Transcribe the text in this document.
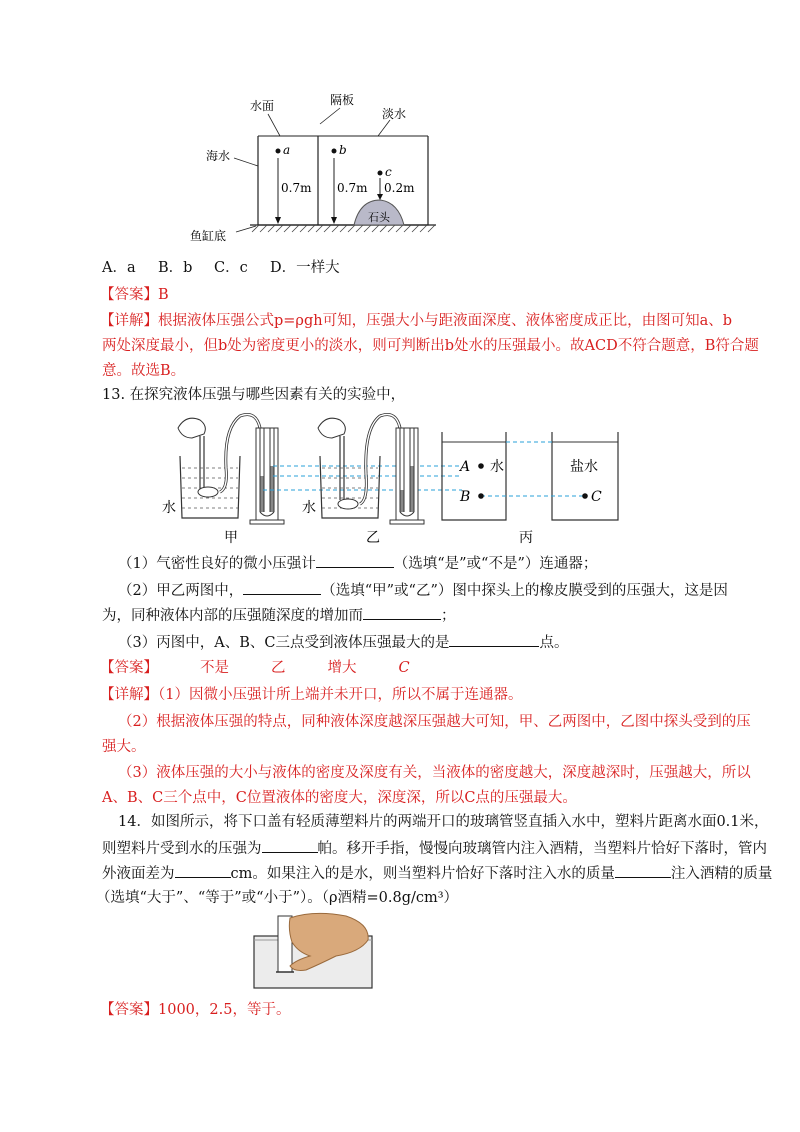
水面	隔板
淡水
海水	a	b
c
0.7m 0.7m 0.2m
石头
鱼缸底
A．a B．b C．c D．一样大
【答案】B
【详解】根据液体压强公式p=ρgh可知，压强大小与距液面深度、液体密度成正比，由图可知a、b
两处深度最小，但b处为密度更小的淡水，则可判断出b处水的压强最小。故ACD不符合题意，B符合题
意。故选B。
13. 在探究液体压强与哪些因素有关的实验中，
水	水
甲	乙	丙
A 水	盐水
B	C
（1）气密性良好的微小压强计	（选填“是”或“不是”）连通器；
（2）甲乙两图中，	（选填“甲”或“乙”）图中探头上的橡皮膜受到的压强大，这是因
为，同种液体内部的压强随深度的增加而	；
（3）丙图中，A、B、C三点受到液体压强最大的是	点。
【答案】	不是	乙	增大	C
【详解】（1）因微小压强计所上端并未开口，所以不属于连通器。
（2）根据液体压强的特点，同种液体深度越深压强越大可知，甲、乙两图中，乙图中探头受到的压
强大。
（3）液体压强的大小与液体的密度及深度有关，当液体的密度越大，深度越深时，压强越大，所以
A、B、C三个点中，C位置液体的密度大，深度深，所以C点的压强最大。
14．如图所示，将下口盖有轻质薄塑料片的两端开口的玻璃管竖直插入水中，塑料片距离水面0.1米，
则塑料片受到水的压强为	帕。移开手指，慢慢向玻璃管内注入酒精，当塑料片恰好下落时，管内
外液面差为	cm。如果注入的是水，则当塑料片恰好下落时注入水的质量	注入酒精的质量
（选填“大于”、“等于”或“小于”）。（ρ酒精=0.8g/cm³）
【答案】1000，2.5，等于。
